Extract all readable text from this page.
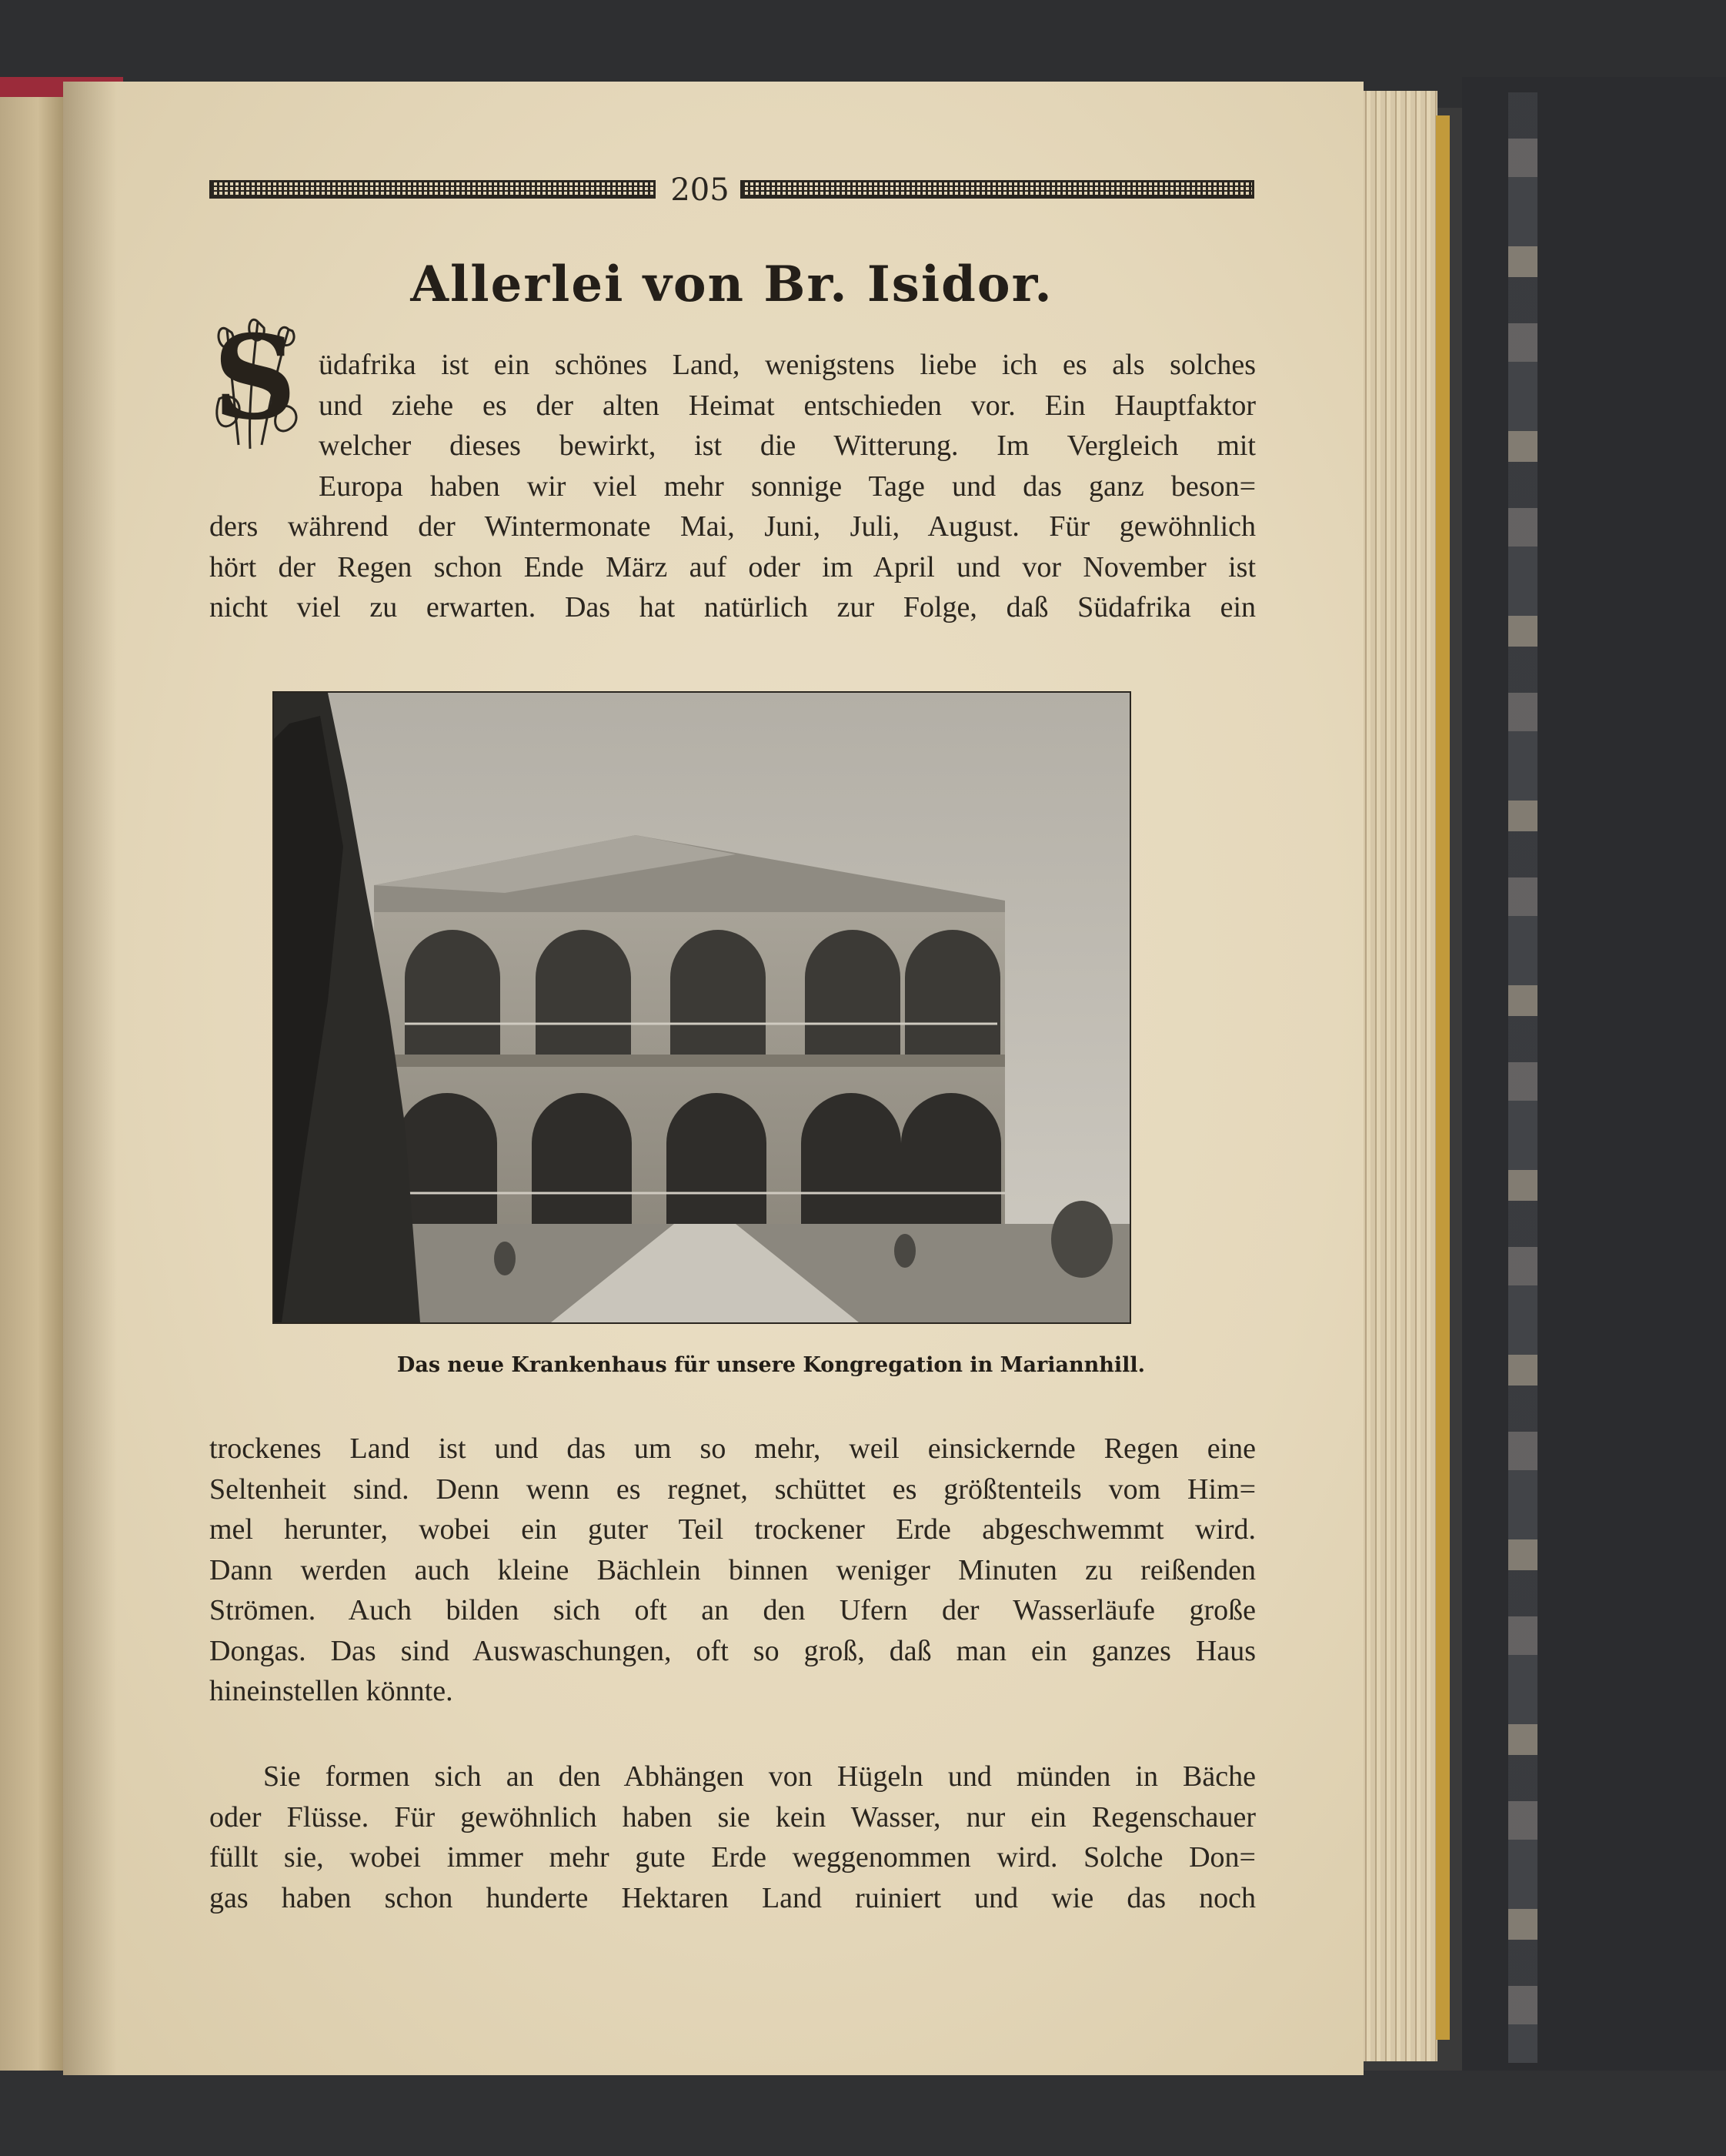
205
Allerlei von Br. Isidor.
S üdafrika ist ein schönes Land, wenigstens liebe ich es als solches
und ziehe es der alten Heimat entschieden vor. Ein Hauptfaktor
welcher dieses bewirkt, ist die Witterung. Im Vergleich mit
Europa haben wir viel mehr sonnige Tage und das ganz beson=
ders während der Wintermonate Mai, Juni, Juli, August. Für gewöhnlich
hört der Regen schon Ende März auf oder im April und vor November ist
nicht viel zu erwarten. Das hat natürlich zur Folge, daß Südafrika ein
Das neue Krankenhaus für unsere Kongregation in Mariannhill.
trockenes Land ist und das um so mehr, weil einsickernde Regen eine
Seltenheit sind. Denn wenn es regnet, schüttet es größtenteils vom Him=
mel herunter, wobei ein guter Teil trockener Erde abgeschwemmt wird.
Dann werden auch kleine Bächlein binnen weniger Minuten zu reißenden
Strömen. Auch bilden sich oft an den Ufern der Wasserläufe große
Dongas. Das sind Auswaschungen, oft so groß, daß man ein ganzes Haus
hineinstellen könnte.
Sie formen sich an den Abhängen von Hügeln und münden in Bäche
oder Flüsse. Für gewöhnlich haben sie kein Wasser, nur ein Regenschauer
füllt sie, wobei immer mehr gute Erde weggenommen wird. Solche Don=
gas haben schon hunderte Hektaren Land ruiniert und wie das noch
